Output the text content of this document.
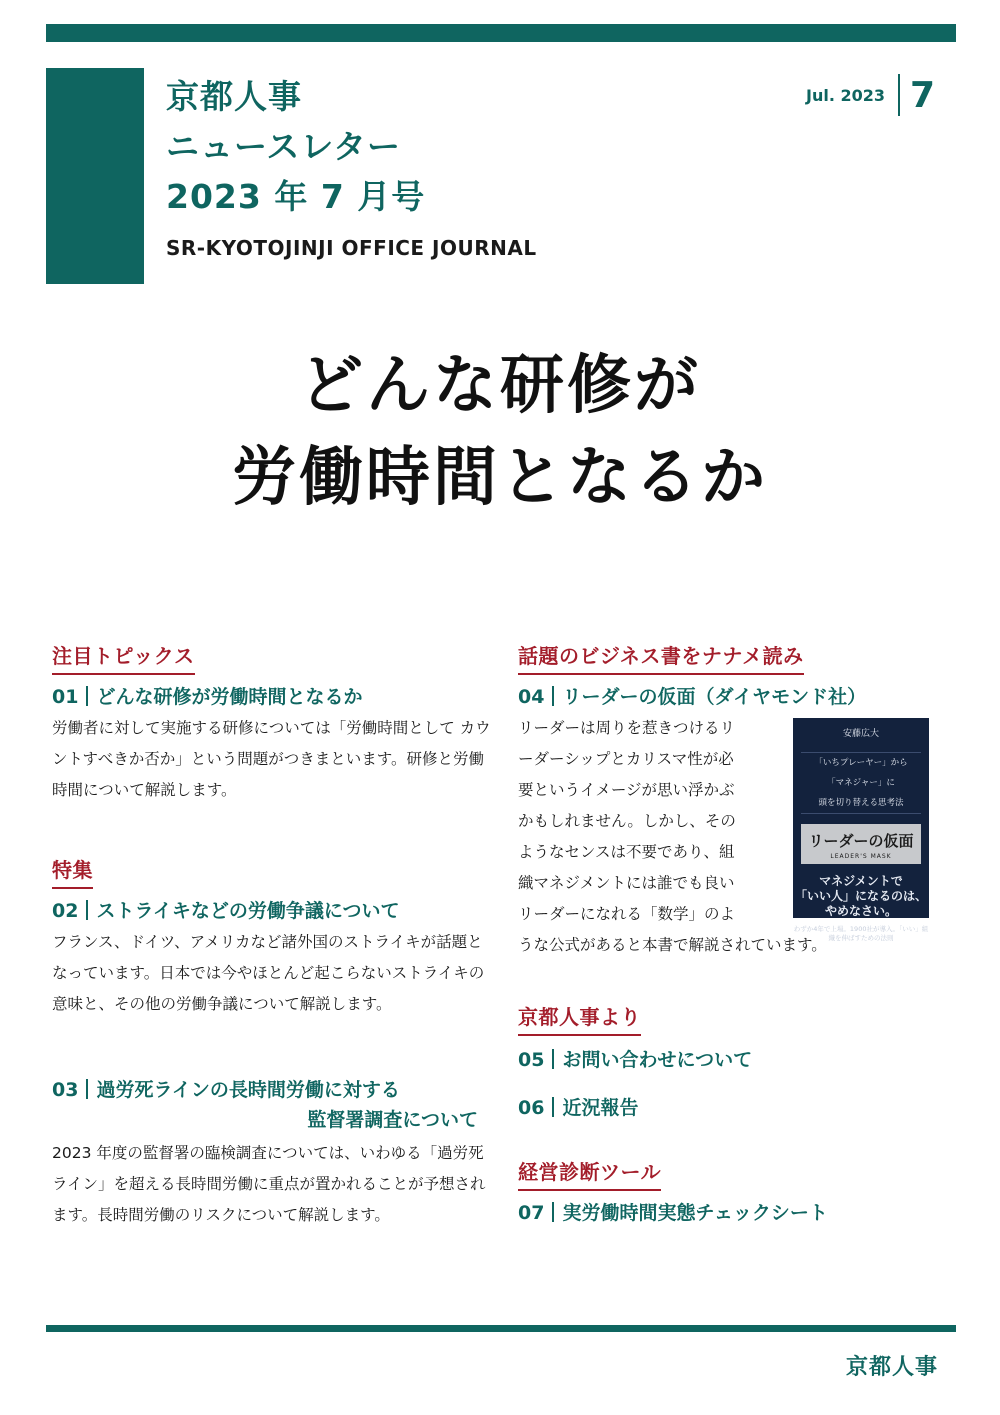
京都人事
ニュースレター
2023 年 7 月号
SR-KYOTOJINJI OFFICE JOURNAL
Jul. 2023 7
どんな研修が
労働時間となるか
注目トピックス
01 どんな研修が労働時間となるか
労働者に対して実施する研修については「労働時間として カウントすべきか否か」という問題がつきまといます。研修と労働時間について解説します。
特集
02 ストライキなどの労働争議について
フランス、ドイツ、アメリカなど諸外国のストライキが話題となっています。日本では今やほとんど起こらないストライキの意味と、その他の労働争議について解説します。
03 過労死ラインの長時間労働に対する
監督署調査について
2023 年度の監督署の臨検調査については、いわゆる「過労死ライン」を超える長時間労働に重点が置かれることが予想されます。長時間労働のリスクについて解説します。
話題のビジネス書をナナメ読み
04 リーダーの仮面（ダイヤモンド社）
リーダーは周りを惹きつけるリ
ーダーシップとカリスマ性が必
要というイメージが思い浮かぶ
かもしれません。しかし、その
ようなセンスは不要であり、組
織マネジメントには誰でも良い
リーダーになれる「数学」のよ
うな公式があると本書で解説されています。
京都人事より
05 お問い合わせについて
06 近況報告
経営診断ツール
07 実労働時間実態チェックシート
安藤広大
「いちプレーヤー」から
「マネジャー」に
頭を切り替える思考法
リーダーの仮面
LEADER'S MASK
マネジメントで
「いい人」になるのは、
やめなさい。
わずか4年で上場。1900社が導入。「いい」組織を伸ばすための法則
京都人事
